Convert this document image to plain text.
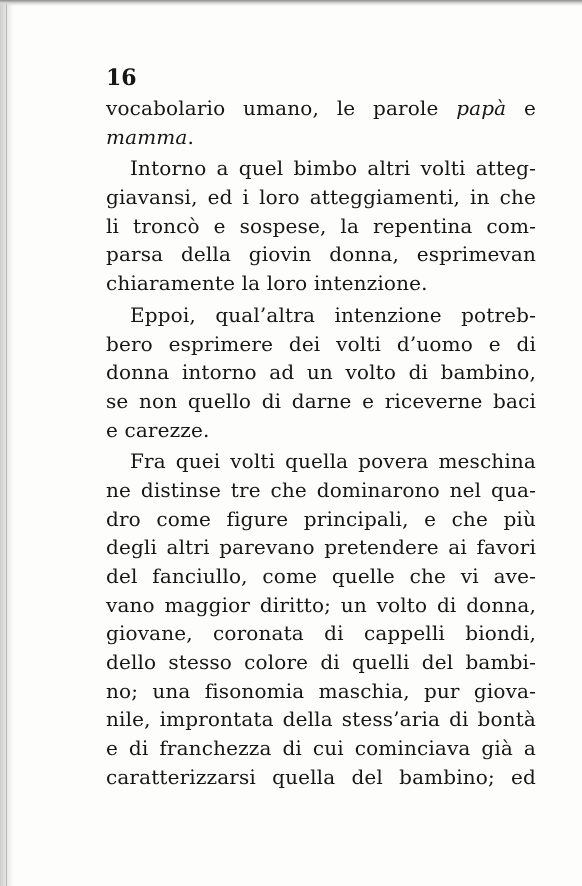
16
vocabolario umano, le parole papà e
mamma.
Intorno a quel bimbo altri volti atteg-
giavansi, ed i loro atteggiamenti, in che
li troncò e sospese, la repentina com-
parsa della giovin donna, esprimevan
chiaramente la loro intenzione.
Eppoi, qual’altra intenzione potreb-
bero esprimere dei volti d’uomo e di
donna intorno ad un volto di bambino,
se non quello di darne e riceverne baci
e carezze.
Fra quei volti quella povera meschina
ne distinse tre che dominarono nel qua-
dro come figure principali, e che più
degli altri parevano pretendere ai favori
del fanciullo, come quelle che vi ave-
vano maggior diritto; un volto di donna,
giovane, coronata di cappelli biondi,
dello stesso colore di quelli del bambi-
no; una fisonomia maschia, pur giova-
nile, improntata della stess’aria di bontà
e di franchezza di cui cominciava già a
caratterizzarsi quella del bambino; ed
